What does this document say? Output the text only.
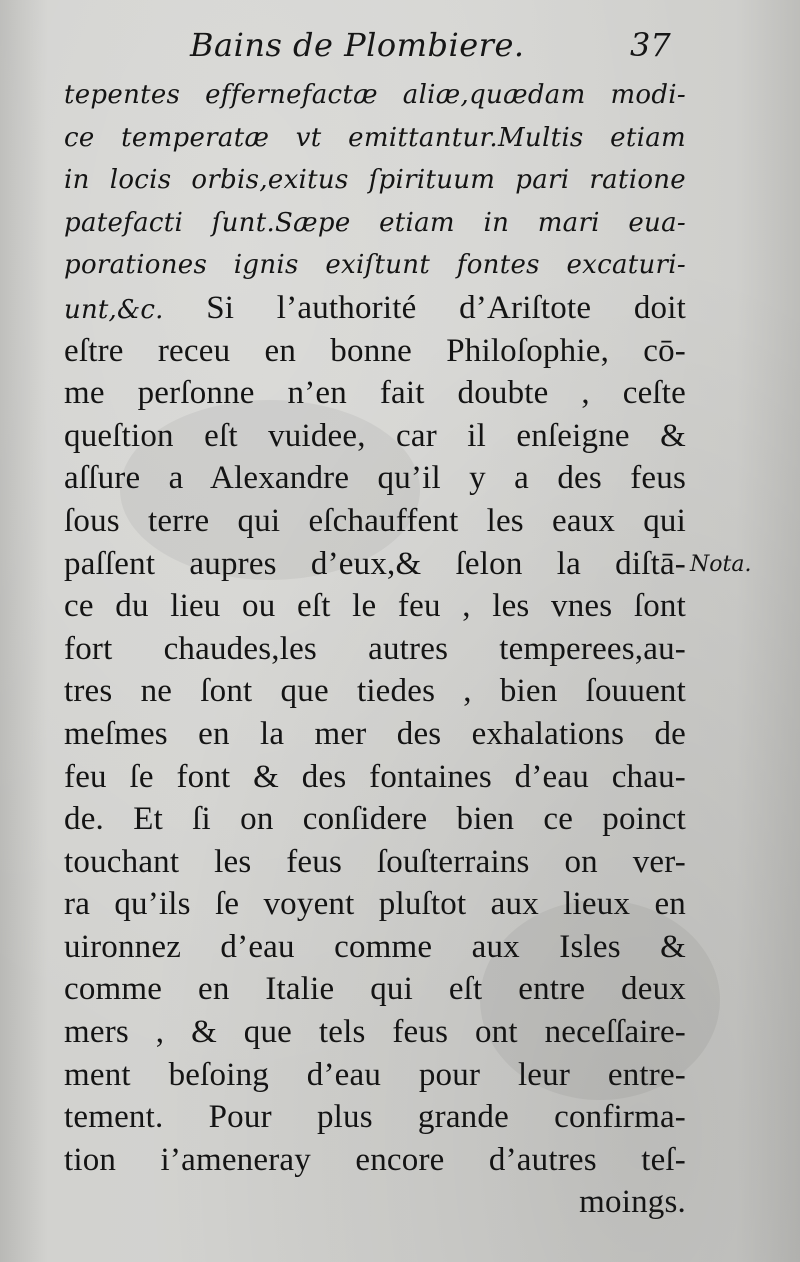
Bains de Plombiere.	37
tepentes effernefactæ aliæ,quædam modi-
ce temperatæ vt emittantur.Multis etiam
in locis orbis,exitus ſpirituum pari ratione
patefacti ſunt.Sæpe etiam in mari eua-
porationes ignis exiſtunt fontes excaturi-
unt,&c. Si l’authorité d’Ariſtote doit
eſtre receu en bonne Philoſophie, cō-
me perſonne n’en fait doubte , ceſte
queſtion eſt vuidee, car il enſeigne &
aſſure a Alexandre qu’il y a des feus
ſous terre qui eſchauffent les eaux qui
paſſent aupres d’eux,& ſelon la diſtā-
ce du lieu ou eſt le feu , les vnes ſont
fort chaudes,les autres temperees,au-
tres ne ſont que tiedes , bien ſouuent
meſmes en la mer des exhalations de
feu ſe font & des fontaines d’eau chau-
de. Et ſi on conſidere bien ce poinct
touchant les feus ſouſterrains on ver-
ra qu’ils ſe voyent pluſtot aux lieux en
uironnez d’eau comme aux Isles &
comme en Italie qui eſt entre deux
mers , & que tels feus ont neceſſaire-
ment beſoing d’eau pour leur entre-
tement. Pour plus grande confirma-
tion i’ameneray encore d’autres teſ-
moings.
Nota.
